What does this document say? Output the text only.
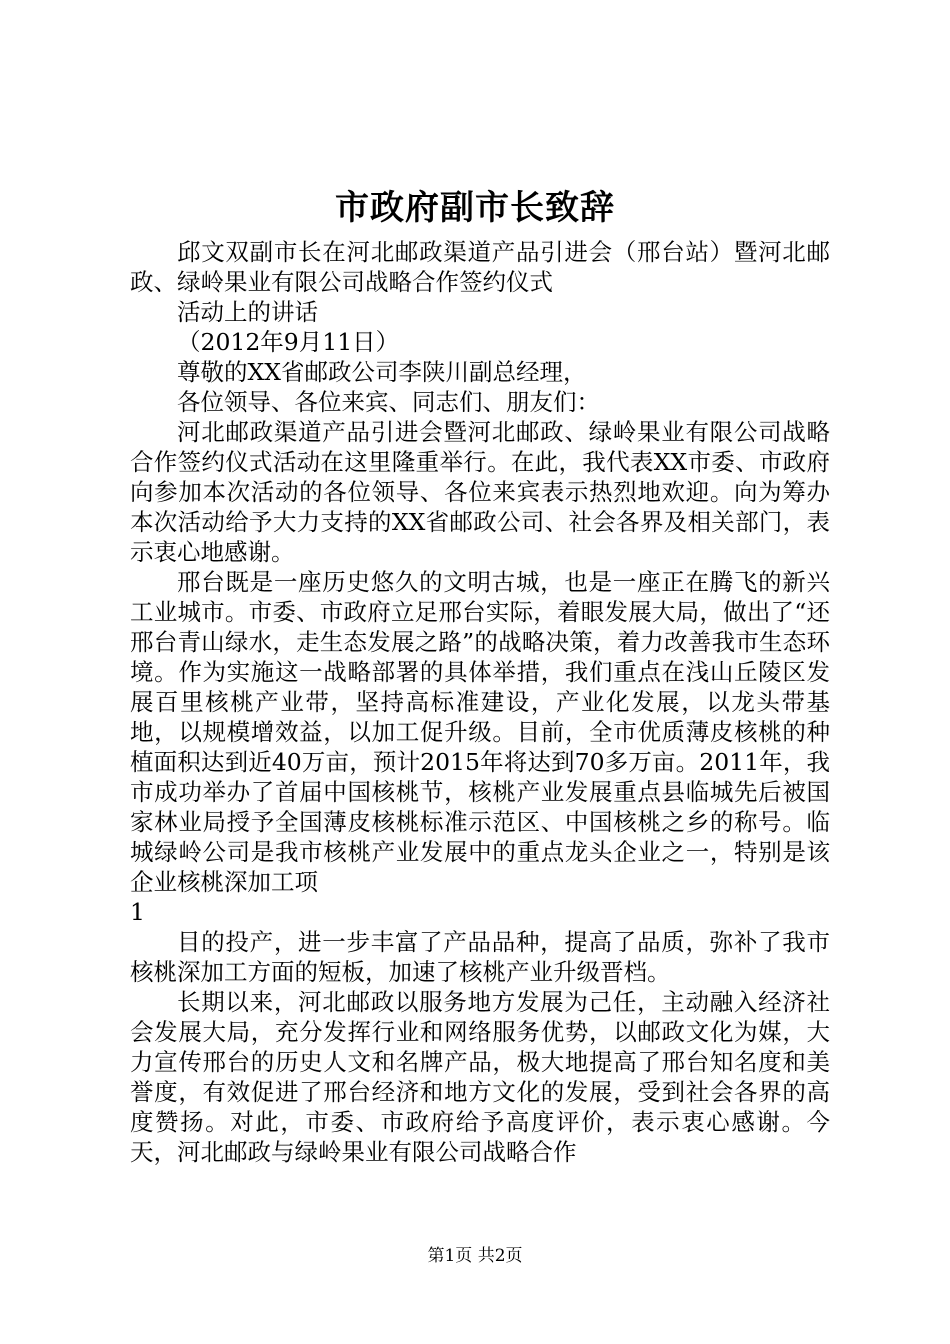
市政府副市长致辞

邱文双副市长在河北邮政渠道产品引进会（邢台站）暨河北邮政、绿岭果业有限公司战略合作签约仪式

活动上的讲话

（2012年9月11日）

尊敬的XX省邮政公司李陕川副总经理，

各位领导、各位来宾、同志们、朋友们：

河北邮政渠道产品引进会暨河北邮政、绿岭果业有限公司战略合作签约仪式活动在这里隆重举行。在此，我代表XX市委、市政府向参加本次活动的各位领导、各位来宾表示热烈地欢迎。向为筹办本次活动给予大力支持的XX省邮政公司、社会各界及相关部门，表示衷心地感谢。

邢台既是一座历史悠久的文明古城，也是一座正在腾飞的新兴工业城市。市委、市政府立足邢台实际，着眼发展大局，做出了“还邢台青山绿水，走生态发展之路”的战略决策，着力改善我市生态环境。作为实施这一战略部署的具体举措，我们重点在浅山丘陵区发展百里核桃产业带，坚持高标准建设，产业化发展，以龙头带基地，以规模增效益，以加工促升级。目前，全市优质薄皮核桃的种植面积达到近40万亩，预计2015年将达到70多万亩。2011年，我市成功举办了首届中国核桃节，核桃产业发展重点县临城先后被国家林业局授予全国薄皮核桃标准示范区、中国核桃之乡的称号。临城绿岭公司是我市核桃产业发展中的重点龙头企业之一，特别是该企业核桃深加工项

1

目的投产，进一步丰富了产品品种，提高了品质，弥补了我市核桃深加工方面的短板，加速了核桃产业升级晋档。

长期以来，河北邮政以服务地方发展为己任，主动融入经济社会发展大局，充分发挥行业和网络服务优势，以邮政文化为媒，大力宣传邢台的历史人文和名牌产品，极大地提高了邢台知名度和美誉度，有效促进了邢台经济和地方文化的发展，受到社会各界的高度赞扬。对此，市委、市政府给予高度评价，表示衷心感谢。今天，河北邮政与绿岭果业有限公司战略合作

第1页 共2页
